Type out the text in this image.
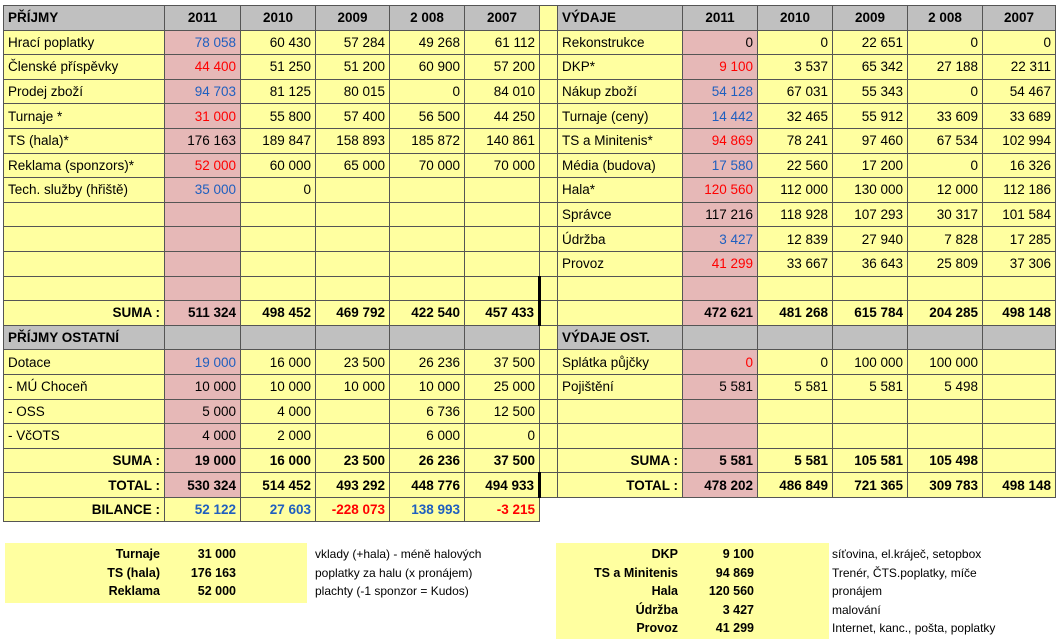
PŘÍJMY	2011	2010	2009	2 008	2007		VÝDAJE	2011	2010	2009	2 008	2007
Hrací poplatky	78 058	60 430	57 284	49 268	61 112		Rekonstrukce	0	0	22 651	0	0
Členské příspěvky	44 400	51 250	51 200	60 900	57 200		DKP*	9 100	3 537	65 342	27 188	22 311
Prodej zboží	94 703	81 125	80 015	0	84 010		Nákup zboží	54 128	67 031	55 343	0	54 467
Turnaje *	31 000	55 800	57 400	56 500	44 250		Turnaje (ceny)	14 442	32 465	55 912	33 609	33 689
TS (hala)*	176 163	189 847	158 893	185 872	140 861		TS a Minitenis*	94 869	78 241	97 460	67 534	102 994
Reklama (sponzors)*	52 000	60 000	65 000	70 000	70 000		Média (budova)	17 580	22 560	17 200	0	16 326
Tech. služby (hřiště)	35 000	0					Hala*	120 560	112 000	130 000	12 000	112 186
							Správce	117 216	118 928	107 293	30 317	101 584
							Údržba	3 427	12 839	27 940	7 828	17 285
							Provoz	41 299	33 667	36 643	25 809	37 306

SUMA :	511 324	498 452	469 792	422 540	457 433			472 621	481 268	615 784	204 285	498 148
PŘÍJMY OSTATNÍ							VÝDAJE OST.					
Dotace	19 000	16 000	23 500	26 236	37 500		Splátka půjčky	0	0	100 000	100 000	
- MÚ Choceň	10 000	10 000	10 000	10 000	25 000		Pojištění	5 581	5 581	5 581	5 498	
- OSS	5 000	4 000		6 736	12 500							
- VčOTS	4 000	2 000		6 000	0							
SUMA :	19 000	16 000	23 500	26 236	37 500		SUMA :	5 581	5 581	105 581	105 498	
TOTAL :	530 324	514 452	493 292	448 776	494 933		TOTAL :	478 202	486 849	721 365	309 783	498 148
BILANCE :	52 122	27 603	-228 073	138 993	-3 215							
Turnaje	31 000	vklady (+hala) - méně halových
TS (hala)	176 163	poplatky za halu (x pronájem)
Reklama	52 000	plachty (-1 sponzor = Kudos)
DKP	9 100	síťovina, el.kráječ, setopbox
TS a Minitenis	94 869	Trenér, ČTS.poplatky, míče
Hala	120 560	pronájem
Údržba	3 427	malování
Provoz	41 299	Internet, kanc., pošta, poplatky
